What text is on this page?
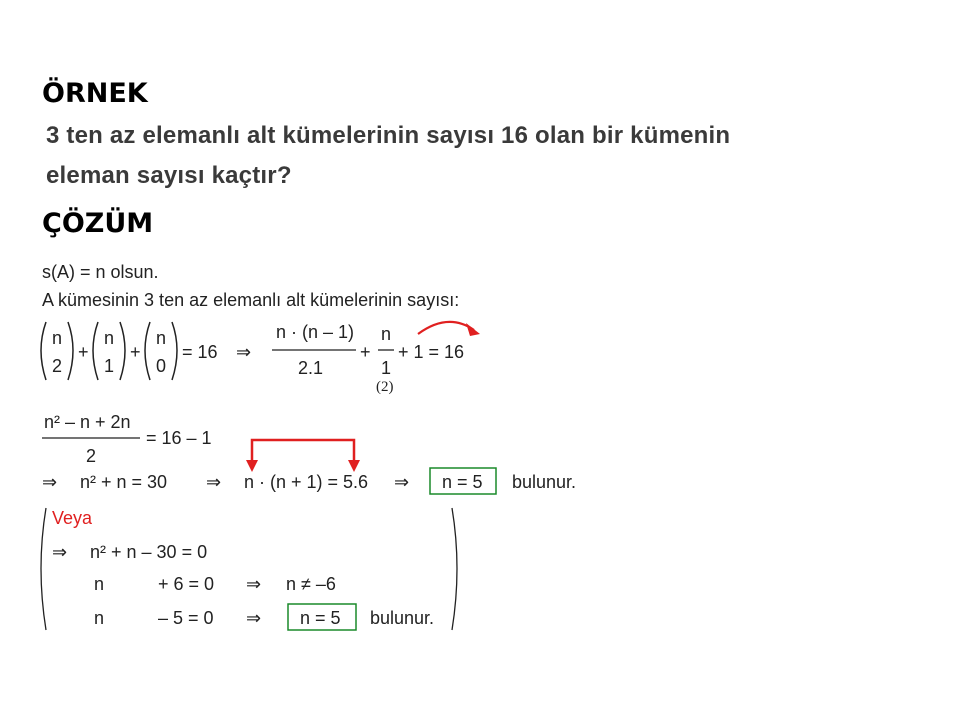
ÖRNEK
3 ten az elemanlı alt kümelerinin sayısı 16 olan bir kümenin
eleman sayısı kaçtır?
ÇÖZÜM
s(A) = n olsun.
A kümesinin 3 ten az elemanlı alt kümelerinin sayısı:
n
2
+
n
1
+
n
0
= 16 ⇒
n · (n – 1)
2.1
+
n
1
(2)
+ 1 = 16
n² – n + 2n
2
= 16 – 1
⇒ n² + n = 30 ⇒ n · (n + 1) = 5.6 ⇒ n = 5 bulunur.
Veya
⇒ n² + n – 30 = 0
n	+ 6 = 0 ⇒ n ≠ –6
n	– 5 = 0 ⇒ n = 5 bulunur.
